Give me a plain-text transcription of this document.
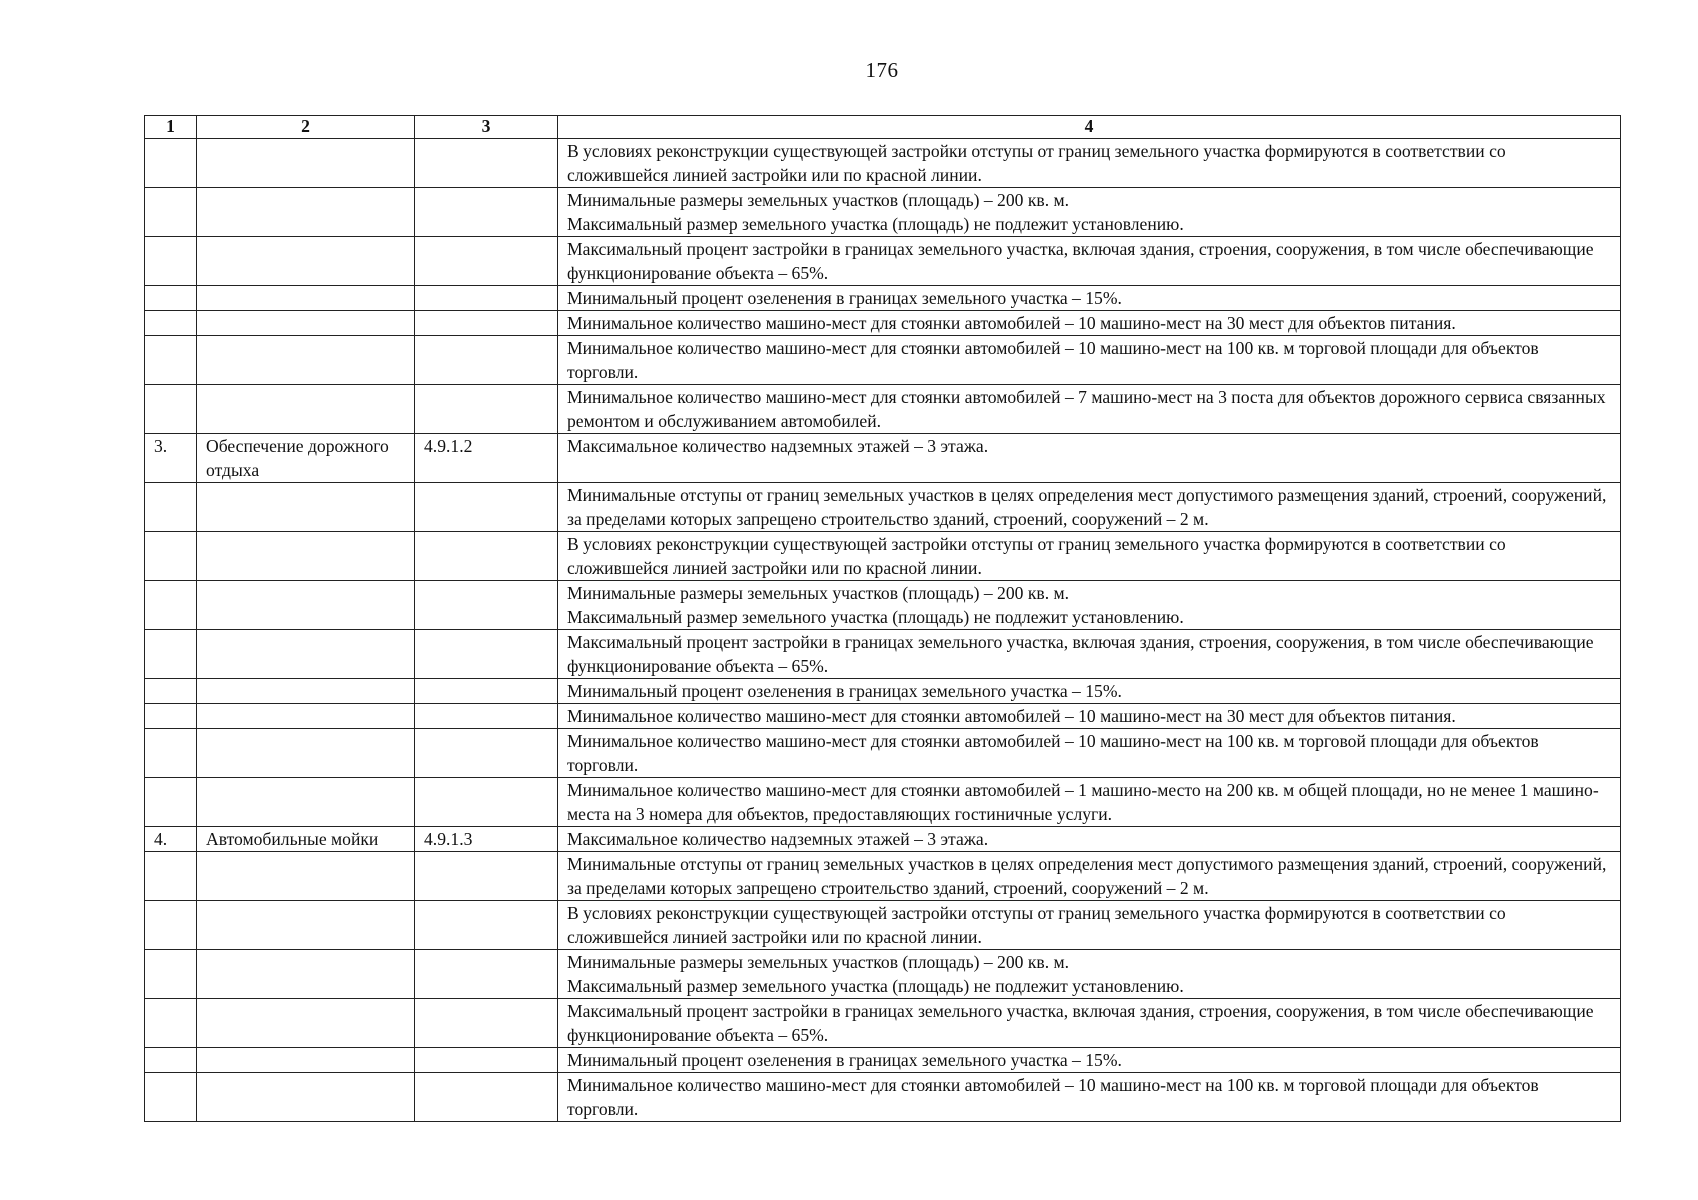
176
1	2	3	4
			В условиях реконструкции существующей застройки отступы от границ земельного участка формируются в соответствии со сложившейся линией застройки или по красной линии.
			Минимальные размеры земельных участков (площадь) – 200 кв. м.
Максимальный размер земельного участка (площадь) не подлежит установлению.
			Максимальный процент застройки в границах земельного участка, включая здания, строения, сооружения, в том числе обеспечивающие функционирование объекта – 65%.
			Минимальный процент озеленения в границах земельного участка – 15%.
			Минимальное количество машино-мест для стоянки автомобилей – 10 машино-мест на 30 мест для объектов питания.
			Минимальное количество машино-мест для стоянки автомобилей – 10 машино-мест на 100 кв. м торговой площади для объектов торговли.
			Минимальное количество машино-мест для стоянки автомобилей – 7 машино-мест на 3 поста для объектов дорожного сервиса связанных ремонтом и обслуживанием автомобилей.
3.	Обеспечение дорожного отдыха	4.9.1.2	Максимальное количество надземных этажей – 3 этажа.
			Минимальные отступы от границ земельных участков в целях определения мест допустимого размещения зданий, строений, сооружений, за пределами которых запрещено строительство зданий, строений, сооружений – 2 м.
			В условиях реконструкции существующей застройки отступы от границ земельного участка формируются в соответствии со сложившейся линией застройки или по красной линии.
			Минимальные размеры земельных участков (площадь) – 200 кв. м.
Максимальный размер земельного участка (площадь) не подлежит установлению.
			Максимальный процент застройки в границах земельного участка, включая здания, строения, сооружения, в том числе обеспечивающие функционирование объекта – 65%.
			Минимальный процент озеленения в границах земельного участка – 15%.
			Минимальное количество машино-мест для стоянки автомобилей – 10 машино-мест на 30 мест для объектов питания.
			Минимальное количество машино-мест для стоянки автомобилей – 10 машино-мест на 100 кв. м торговой площади для объектов торговли.
			Минимальное количество машино-мест для стоянки автомобилей – 1 машино-место на 200 кв. м общей площади, но не менее 1 машино-места на 3 номера для объектов, предоставляющих гостиничные услуги.
4.	Автомобильные мойки	4.9.1.3	Максимальное количество надземных этажей – 3 этажа.
			Минимальные отступы от границ земельных участков в целях определения мест допустимого размещения зданий, строений, сооружений, за пределами которых запрещено строительство зданий, строений, сооружений – 2 м.
			В условиях реконструкции существующей застройки отступы от границ земельного участка формируются в соответствии со сложившейся линией застройки или по красной линии.
			Минимальные размеры земельных участков (площадь) – 200 кв. м.
Максимальный размер земельного участка (площадь) не подлежит установлению.
			Максимальный процент застройки в границах земельного участка, включая здания, строения, сооружения, в том числе обеспечивающие функционирование объекта – 65%.
			Минимальный процент озеленения в границах земельного участка – 15%.
			Минимальное количество машино-мест для стоянки автомобилей – 10 машино-мест на 100 кв. м торговой площади для объектов торговли.
